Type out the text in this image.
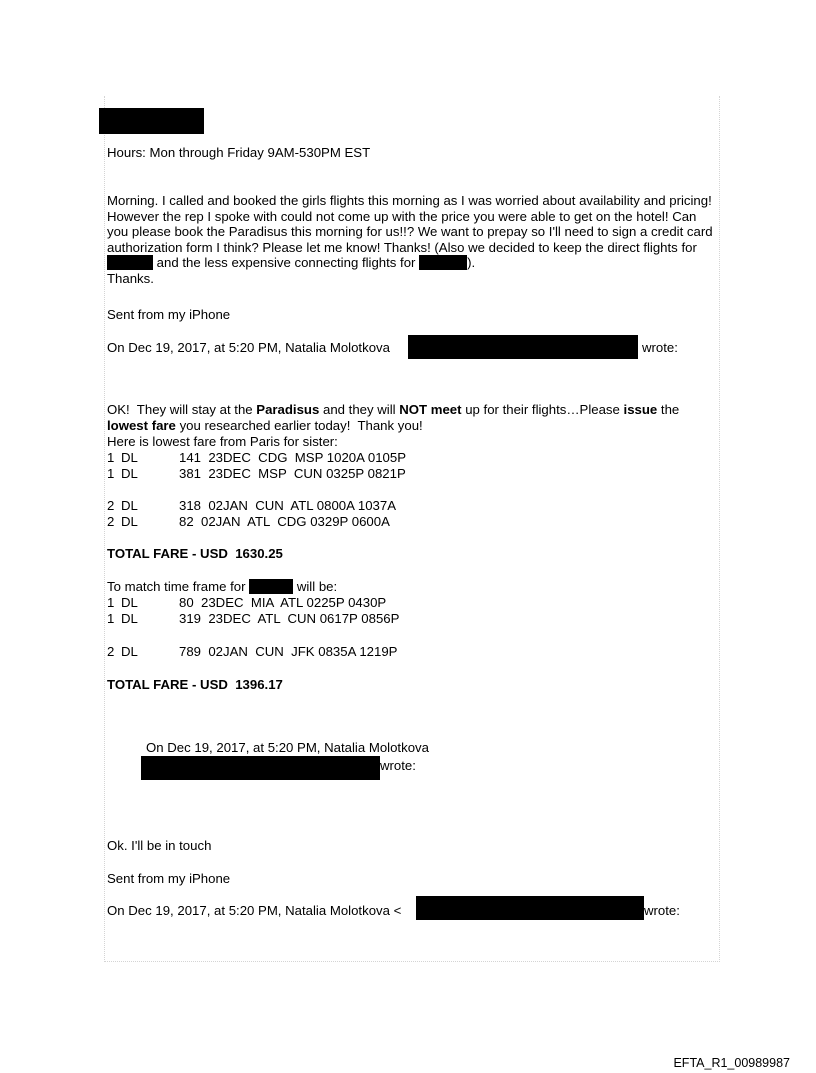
Hours: Mon through Friday 9AM-530PM EST
Morning. I called and booked the girls flights this morning as I was worried about availability and pricing! However the rep I spoke with could not come up with the price you were able to get on the hotel! Can you please book the Paradisus this morning for us!!? We want to prepay so I'll need to sign a credit card authorization form I think? Please let me know! Thanks! (Also we decided to keep the direct flights for  and the less expensive connecting flights for	).
Thanks.
Sent from my iPhone
On Dec 19, 2017, at 5:20 PM, Natalia Molotkova	wrote:
OK!  They will stay at the Paradisus and they will NOT meet up for their flights…Please issue the
lowest fare you researched earlier today!  Thank you!
Here is lowest fare from Paris for sister:
1 DL	141  23DEC  CDG  MSP 1020A 0105P
1 DL	381  23DEC  MSP  CUN 0325P 0821P
2 DL	318  02JAN  CUN  ATL 0800A 1037A
2 DL	82  02JAN  ATL  CDG 0329P 0600A
TOTAL FARE - USD  1630.25
To match time frame for	will be:
1 DL	80  23DEC  MIA  ATL 0225P 0430P
1 DL	319  23DEC  ATL  CUN 0617P 0856P
2 DL	789  02JAN  CUN  JFK 0835A 1219P
TOTAL FARE - USD  1396.17
On Dec 19, 2017, at 5:20 PM, Natalia Molotkova
wrote:
Ok. I'll be in touch
Sent from my iPhone
On Dec 19, 2017, at 5:20 PM, Natalia Molotkova <	wrote:
EFTA_R1_00989987
